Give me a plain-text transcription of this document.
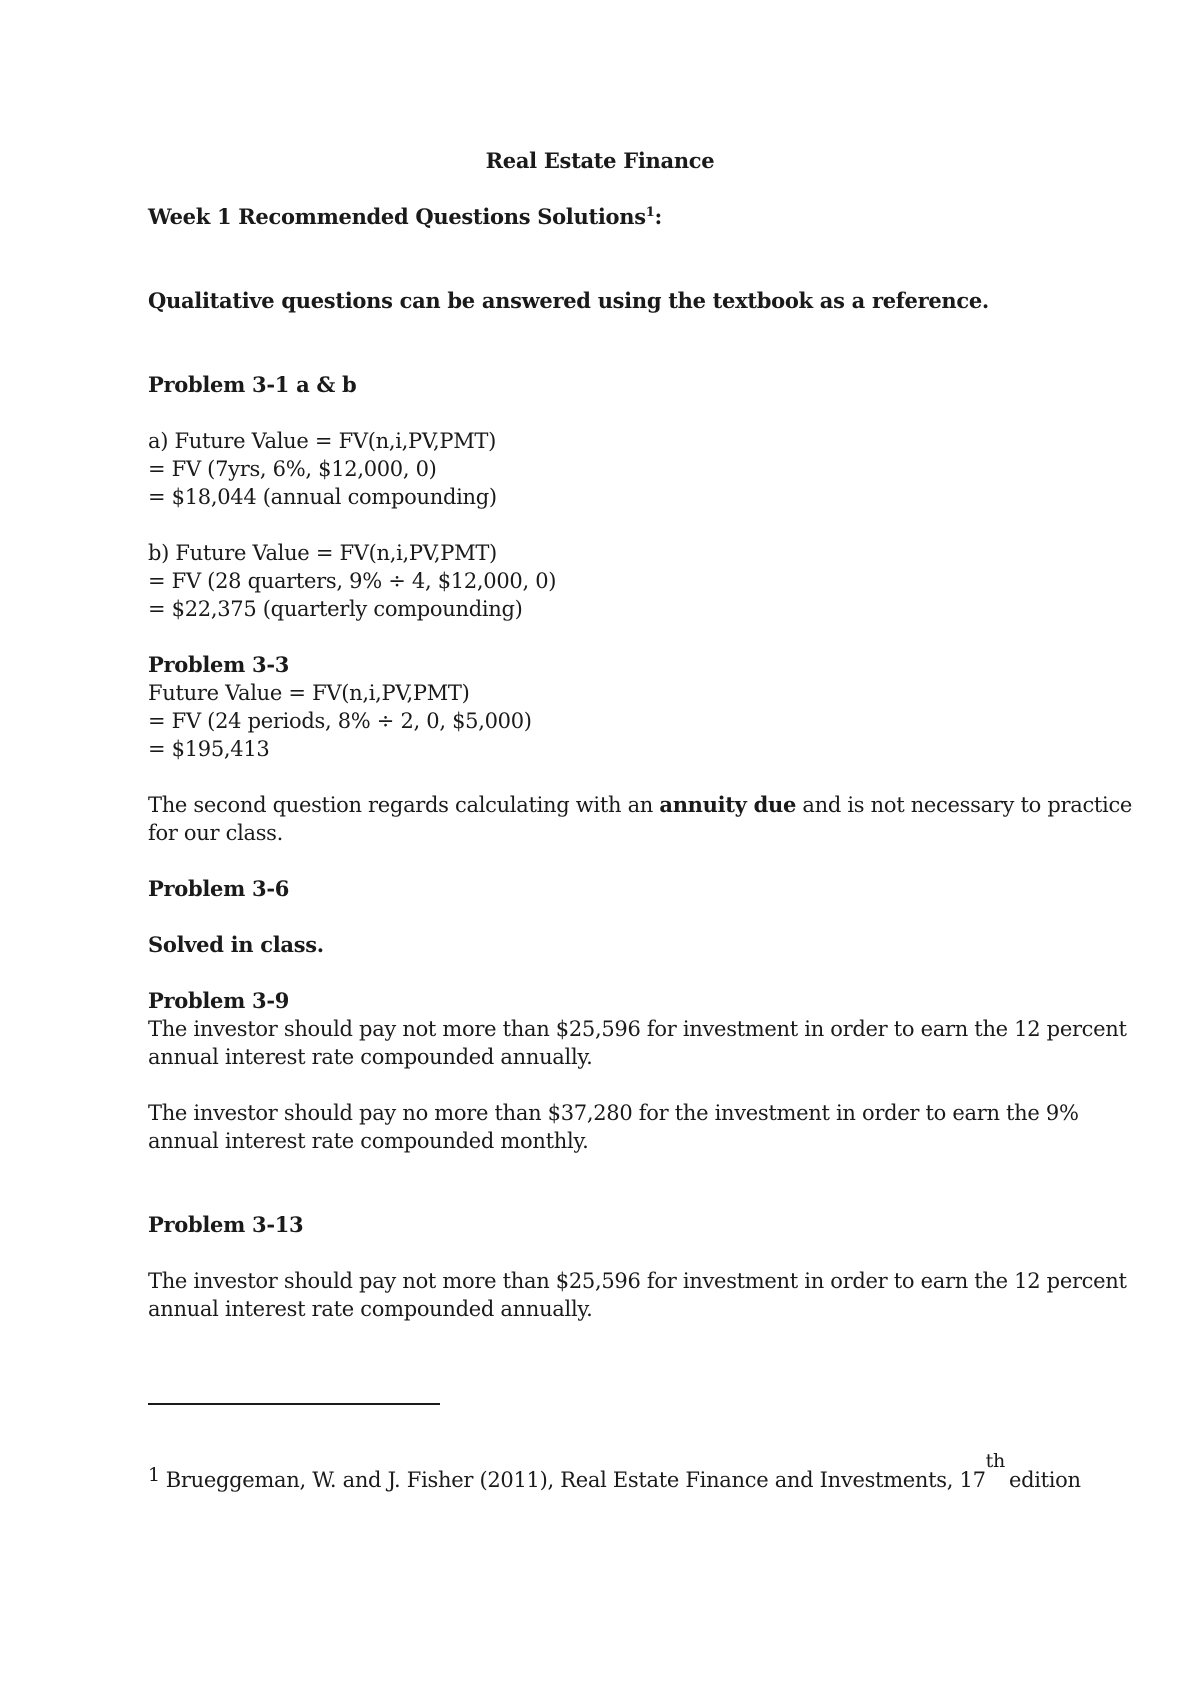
Real Estate Finance
Week 1 Recommended Questions Solutions$^1$:
Qualitative questions can be answered using the textbook as a reference.
Problem 3-1 a & b
a) Future Value = FV(n,i,PV,PMT)
= FV (7yrs, 6%, $12,000, 0)
= $18,044 (annual compounding)
b) Future Value = FV(n,i,PV,PMT)
= FV (28 quarters, 9% ÷ 4, $12,000, 0)
= $22,375 (quarterly compounding)
Problem 3-3
Future Value = FV(n,i,PV,PMT)
= FV (24 periods, 8% ÷ 2, 0, $5,000)
= $195,413
The second question regards calculating with an annuity due and is not necessary to practice
for our class.
Problem 3-6
Solved in class.
Problem 3-9
The investor should pay not more than $25,596 for investment in order to earn the 12 percent
annual interest rate compounded annually.
The investor should pay no more than $37,280 for the investment in order to earn the 9%
annual interest rate compounded monthly.
Problem 3-13
The investor should pay not more than $25,596 for investment in order to earn the 12 percent
annual interest rate compounded annually.
1 Brueggeman, W. and J. Fisher (2011), Real Estate Finance and Investments, 17thedition
